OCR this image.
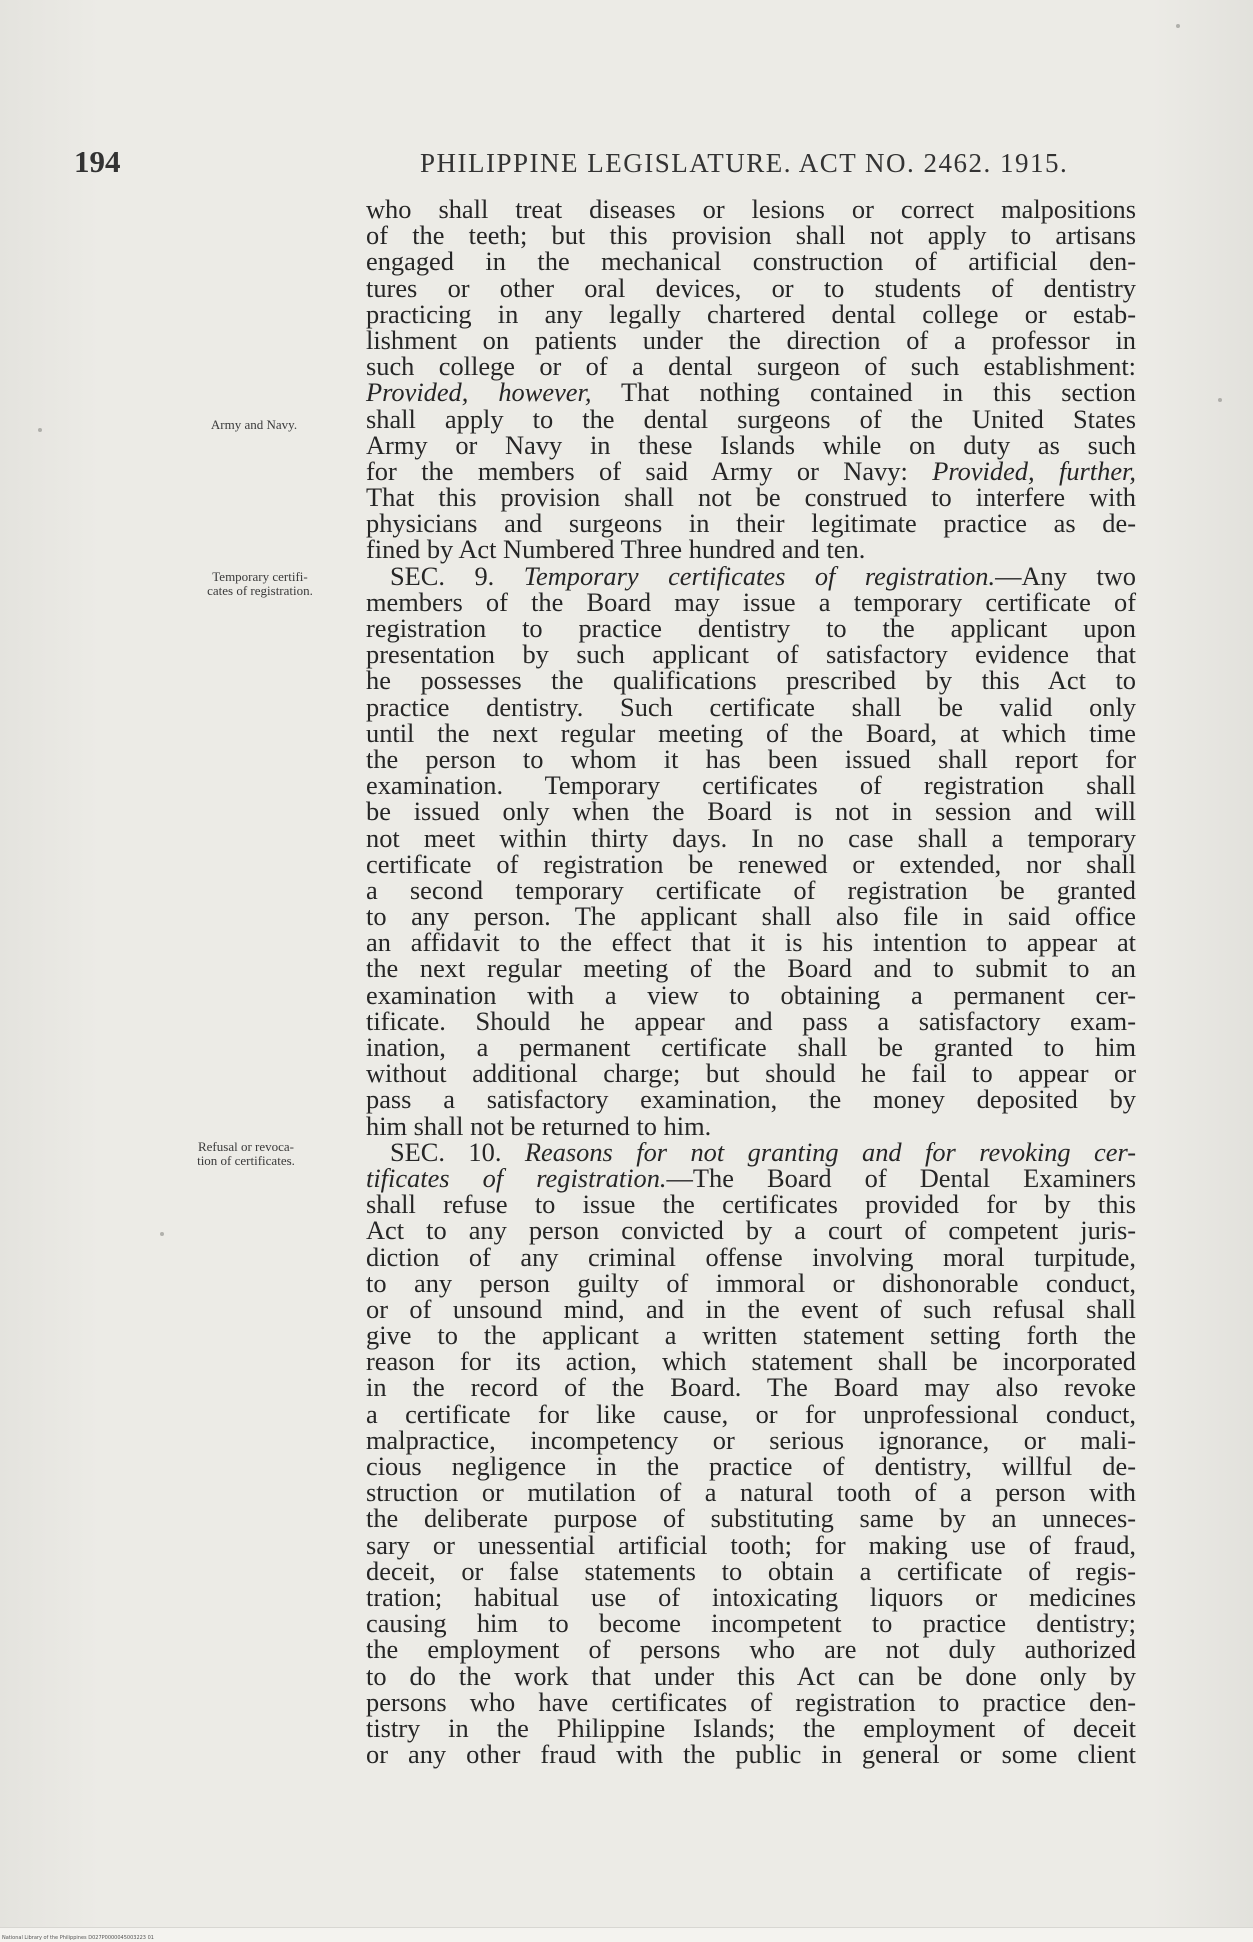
194	PHILIPPINE LEGISLATURE. ACT NO. 2462. 1915.
Army and Navy.
Temporary certifi-
cates of registration.
Refusal or revoca-
tion of certificates.
who shall treat diseases or lesions or correct malpositions
of the teeth; but this provision shall not apply to artisans
engaged in the mechanical construction of artificial den-
tures or other oral devices, or to students of dentistry
practicing in any legally chartered dental college or estab-
lishment on patients under the direction of a professor in
such college or of a dental surgeon of such establishment:
Provided, however, That nothing contained in this section
shall apply to the dental surgeons of the United States
Army or Navy in these Islands while on duty as such
for the members of said Army or Navy: Provided, further,
That this provision shall not be construed to interfere with
physicians and surgeons in their legitimate practice as de-
fined by Act Numbered Three hundred and ten.
SEC. 9. Temporary certificates of registration.—Any two
members of the Board may issue a temporary certificate of
registration to practice dentistry to the applicant upon
presentation by such applicant of satisfactory evidence that
he possesses the qualifications prescribed by this Act to
practice dentistry. Such certificate shall be valid only
until the next regular meeting of the Board, at which time
the person to whom it has been issued shall report for
examination. Temporary certificates of registration shall
be issued only when the Board is not in session and will
not meet within thirty days. In no case shall a temporary
certificate of registration be renewed or extended, nor shall
a second temporary certificate of registration be granted
to any person. The applicant shall also file in said office
an affidavit to the effect that it is his intention to appear at
the next regular meeting of the Board and to submit to an
examination with a view to obtaining a permanent cer-
tificate. Should he appear and pass a satisfactory exam-
ination, a permanent certificate shall be granted to him
without additional charge; but should he fail to appear or
pass a satisfactory examination, the money deposited by
him shall not be returned to him.
SEC. 10. Reasons for not granting and for revoking cer-
tificates of registration.—The Board of Dental Examiners
shall refuse to issue the certificates provided for by this
Act to any person convicted by a court of competent juris-
diction of any criminal offense involving moral turpitude,
to any person guilty of immoral or dishonorable conduct,
or of unsound mind, and in the event of such refusal shall
give to the applicant a written statement setting forth the
reason for its action, which statement shall be incorporated
in the record of the Board. The Board may also revoke
a certificate for like cause, or for unprofessional conduct,
malpractice, incompetency or serious ignorance, or mali-
cious negligence in the practice of dentistry, willful de-
struction or mutilation of a natural tooth of a person with
the deliberate purpose of substituting same by an unneces-
sary or unessential artificial tooth; for making use of fraud,
deceit, or false statements to obtain a certificate of regis-
tration; habitual use of intoxicating liquors or medicines
causing him to become incompetent to practice dentistry;
the employment of persons who are not duly authorized
to do the work that under this Act can be done only by
persons who have certificates of registration to practice den-
tistry in the Philippine Islands; the employment of deceit
or any other fraud with the public in general or some client
National Library of the Philippines D027P0000045003223 01
